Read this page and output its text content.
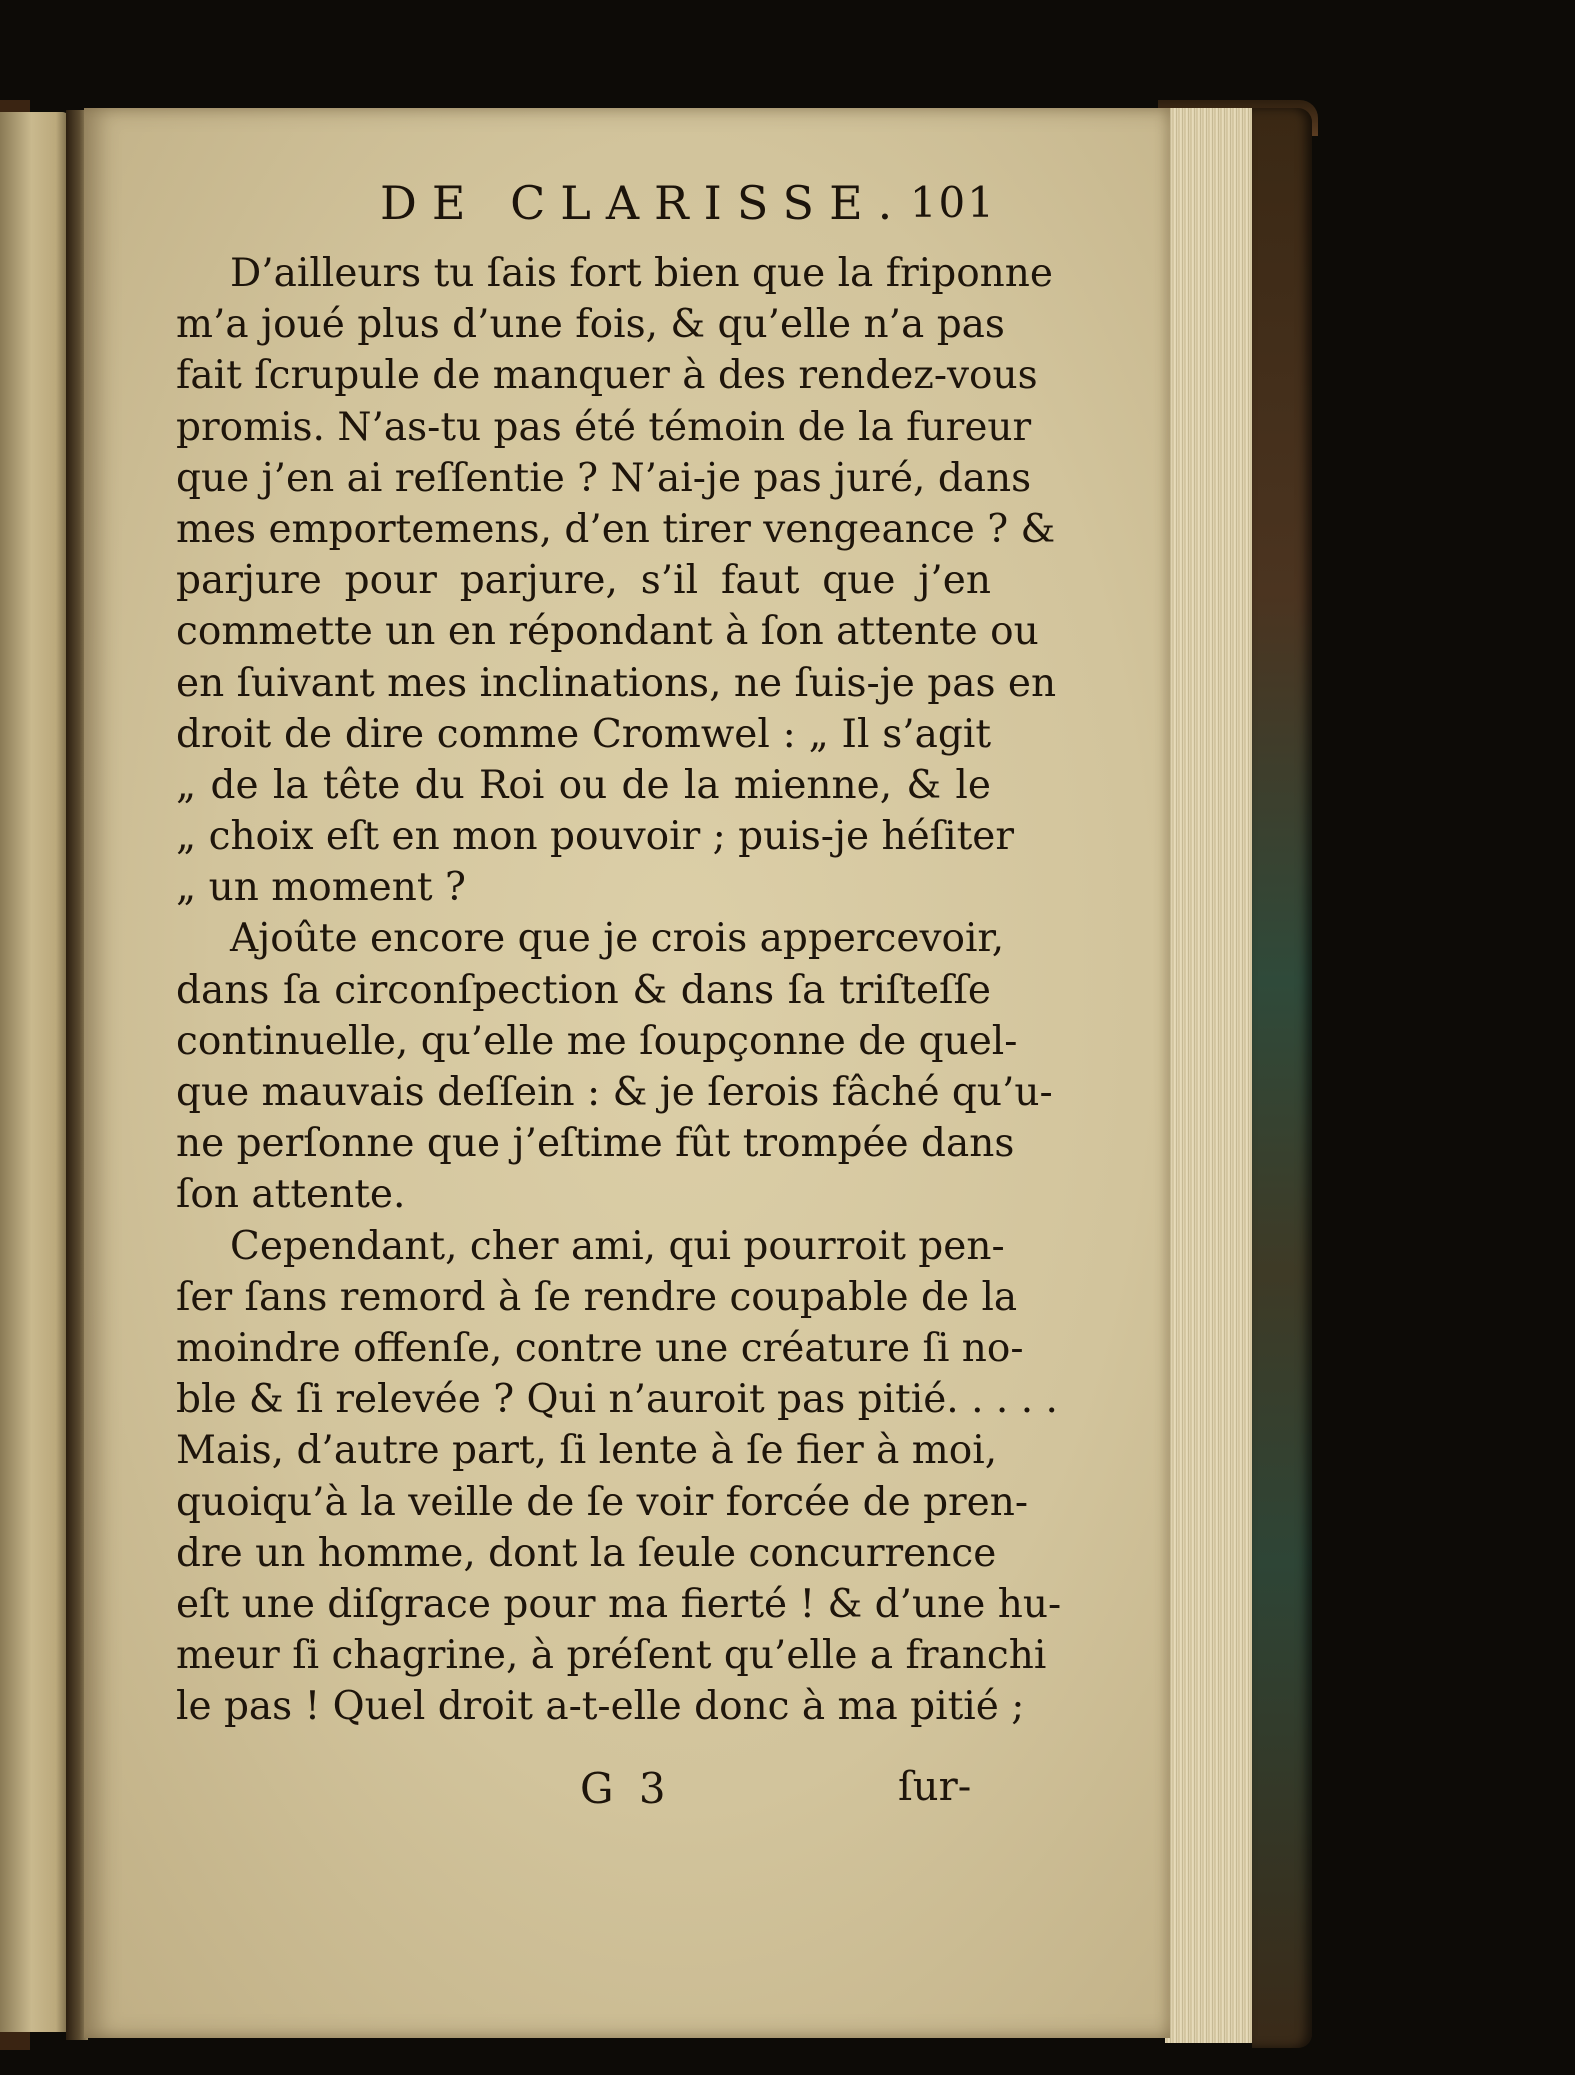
DE CLARISSE. 101
D’ailleurs tu ſais fort bien que la friponne
m’a joué plus d’une fois, & qu’elle n’a pas
fait ſcrupule de manquer à des rendez-vous
promis. N’as-tu pas été témoin de la fureur
que j’en ai reſſentie ? N’ai-je pas juré, dans
mes emportemens, d’en tirer vengeance ? &
parjure pour parjure, s’il faut que j’en
commette un en répondant à ſon attente ou
en ſuivant mes inclinations, ne ſuis-je pas en
droit de dire comme Cromwel : „ Il s’agit
„ de la tête du Roi ou de la mienne, & le
„ choix eſt en mon pouvoir ; puis-je héſiter
„ un moment ?
Ajoûte encore que je crois appercevoir,
dans ſa circonſpection & dans ſa triſteſſe
continuelle, qu’elle me ſoupçonne de quel-
que mauvais deſſein : & je ſerois fâché qu’u-
ne perſonne que j’eſtime fût trompée dans
ſon attente.
Cependant, cher ami, qui pourroit pen-
ſer ſans remord à ſe rendre coupable de la
moindre offenſe, contre une créature ſi no-
ble & ſi relevée ? Qui n’auroit pas pitié. . . . .
Mais, d’autre part, ſi lente à ſe fier à moi,
quoiqu’à la veille de ſe voir forcée de pren-
dre un homme, dont la ſeule concurrence
eſt une diſgrace pour ma fierté ! & d’une hu-
meur ſi chagrine, à préſent qu’elle a franchi
le pas ! Quel droit a-t-elle donc à ma pitié ;
G 3	ſur-
